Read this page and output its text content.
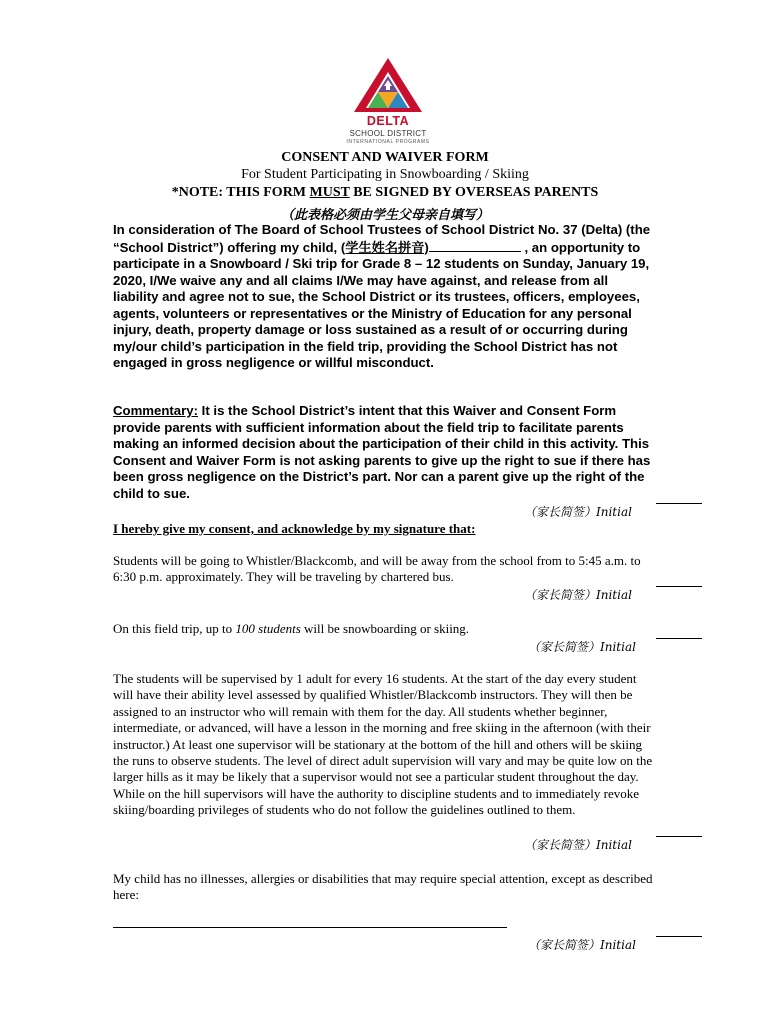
DELTA
SCHOOL DISTRICT
INTERNATIONAL PROGRAMS
CONSENT AND WAIVER FORM
For Student Participating in Snowboarding / Skiing
*NOTE: THIS FORM MUST BE SIGNED BY OVERSEAS PARENTS
（此表格必须由学生父母亲自填写）
In consideration of The Board of School Trustees of School District No. 37 (Delta) (the “School District”) offering my child, (学生姓名拼音)	, an opportunity to participate in a Snowboard / Ski trip for Grade 8 – 12 students on Sunday, January 19, 2020, I/We waive any and all claims I/We may have against, and release from all liability and agree not to sue, the School District or its trustees, officers, employees, agents, volunteers or representatives or the Ministry of Education for any personal injury, death, property damage or loss sustained as a result of or occurring during my/our child’s participation in the field trip, providing the School District has not engaged in gross negligence or willful misconduct.
Commentary: It is the School District’s intent that this Waiver and Consent Form provide parents with sufficient information about the field trip to facilitate parents making an informed decision about the participation of their child in this activity. This Consent and Waiver Form is not asking parents to give up the right to sue if there has been gross negligence on the District’s part. Nor can a parent give up the right of the child to sue.
（家长简签）Initial
I hereby give my consent, and acknowledge by my signature that:
Students will be going to Whistler/Blackcomb, and will be away from the school from to 5:45 a.m. to 6:30 p.m. approximately. They will be traveling by chartered bus.
（家长简签）Initial
On this field trip, up to 100 students will be snowboarding or skiing.
（家长简签）Initial
The students will be supervised by 1 adult for every 16 students. At the start of the day every student will have their ability level assessed by qualified Whistler/Blackcomb instructors. They will then be assigned to an instructor who will remain with them for the day. All students whether beginner, intermediate, or advanced, will have a lesson in the morning and free skiing in the afternoon (with their instructor.) At least one supervisor will be stationary at the bottom of the hill and others will be skiing the runs to observe students. The level of direct adult supervision will vary and may be quite low on the larger hills as it may be likely that a supervisor would not see a particular student throughout the day. While on the hill supervisors will have the authority to discipline students and to immediately revoke skiing/boarding privileges of students who do not follow the guidelines outlined to them.
（家长简签）Initial
My child has no illnesses, allergies or disabilities that may require special attention, except as described here:
（家长简签）Initial
